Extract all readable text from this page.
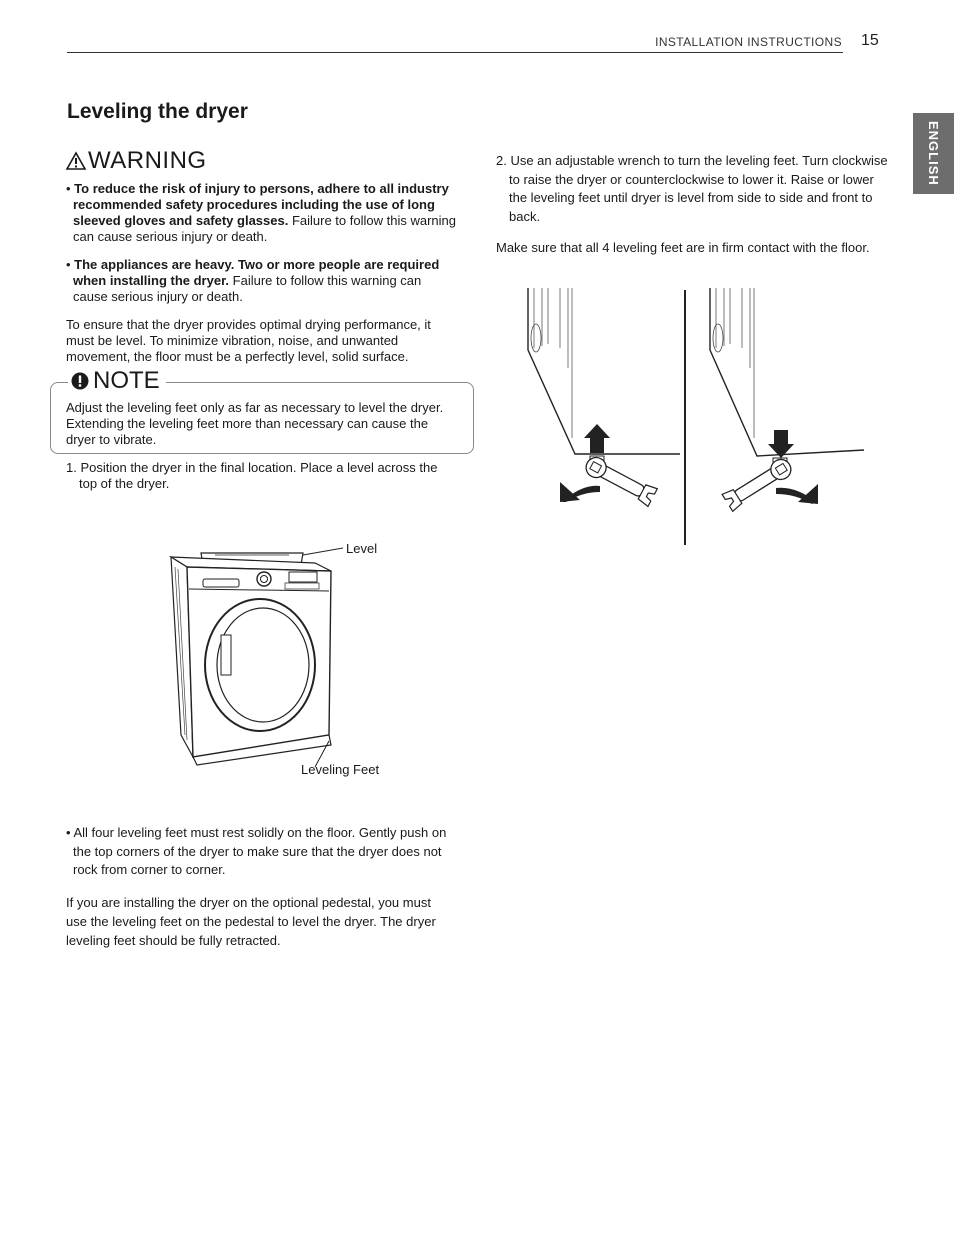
INSTALLATION INSTRUCTIONS 15
ENGLISH
Leveling the dryer
WARNING
• To reduce the risk of injury to persons, adhere to all industry recommended safety procedures including the use of long sleeved gloves and safety glasses. Failure to follow this warning can cause serious injury or death.
• The appliances are heavy. Two or more people are required when installing the dryer. Failure to follow this warning can cause serious injury or death.
To ensure that the dryer provides optimal drying performance, it must be level. To minimize vibration, noise, and unwanted movement, the floor must be a perfectly level, solid surface.
NOTE
Adjust the leveling feet only as far as necessary to level the dryer. Extending the leveling feet more than necessary can cause the dryer to vibrate.
1. Position the dryer in the final location. Place a level across the top of the dryer.
Level
Leveling Feet
• All four leveling feet must rest solidly on the floor. Gently push on the top corners of the dryer to make sure that the dryer does not rock from corner to corner.
If you are installing the dryer on the optional pedestal, you must use the leveling feet on the pedestal to level the dryer. The dryer leveling feet should be fully retracted.
2. Use an adjustable wrench to turn the leveling feet. Turn clockwise to raise the dryer or counterclockwise to lower it. Raise or lower the leveling feet until dryer is level from side to side and front to back.
Make sure that all 4 leveling feet are in firm contact with the floor.
